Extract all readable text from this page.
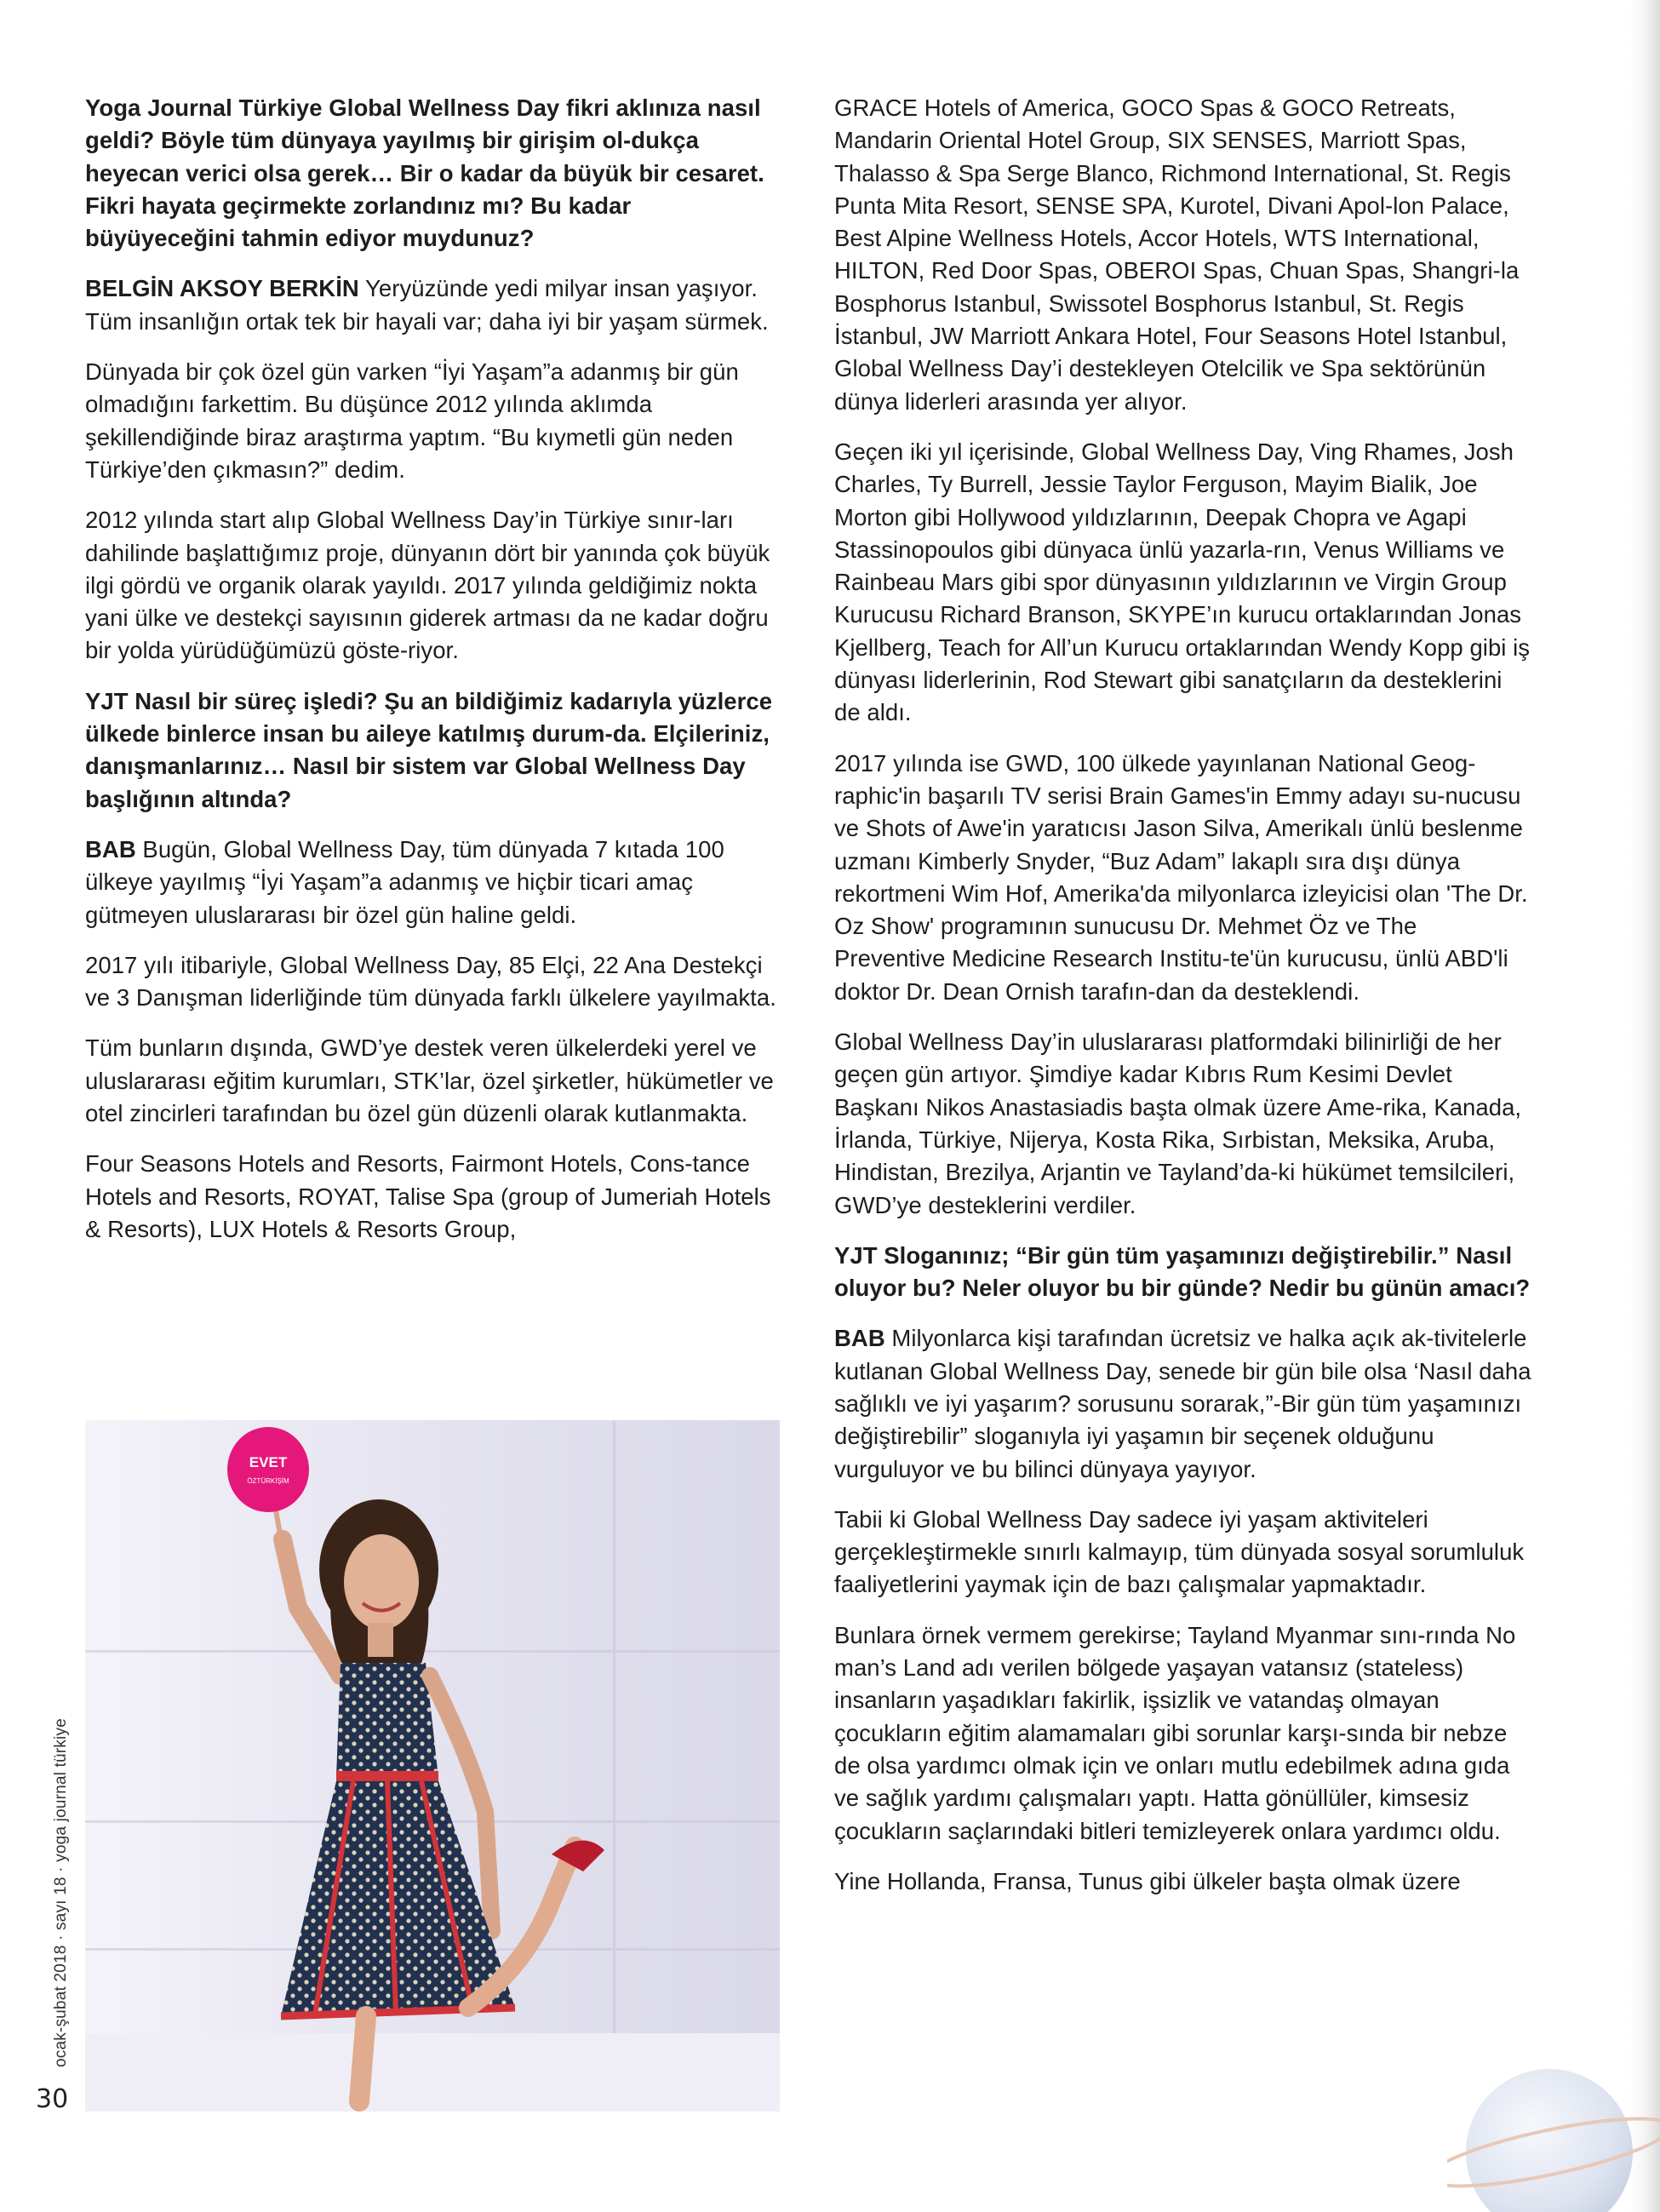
Yoga Journal Türkiye Global Wellness Day fikri aklınıza nasıl geldi? Böyle tüm dünyaya yayılmış bir girişim ol-dukça heyecan verici olsa gerek… Bir o kadar da büyük bir cesaret. Fikri hayata geçirmekte zorlandınız mı? Bu kadar büyüyeceğini tahmin ediyor muydunuz?

BELGİN AKSOY BERKİN Yeryüzünde yedi milyar insan yaşıyor. Tüm insanlığın ortak tek bir hayali var; daha iyi bir yaşam sürmek.

Dünyada bir çok özel gün varken “İyi Yaşam”a adanmış bir gün olmadığını farkettim. Bu düşünce 2012 yılında aklımda şekillendiğinde biraz araştırma yaptım. “Bu kıymetli gün neden Türkiye’den çıkmasın?” dedim.

2012 yılında start alıp Global Wellness Day’in Türkiye sınır-ları dahilinde başlattığımız proje, dünyanın dört bir yanında çok büyük ilgi gördü ve organik olarak yayıldı. 2017 yılında geldiğimiz nokta yani ülke ve destekçi sayısının giderek artması da ne kadar doğru bir yolda yürüdüğümüzü göste-riyor.

YJT Nasıl bir süreç işledi? Şu an bildiğimiz kadarıyla yüzlerce ülkede binlerce insan bu aileye katılmış durum-da. Elçileriniz, danışmanlarınız… Nasıl bir sistem var Global Wellness Day başlığının altında?

BAB Bugün, Global Wellness Day, tüm dünyada 7 kıtada 100 ülkeye yayılmış “İyi Yaşam”a adanmış ve hiçbir ticari amaç gütmeyen uluslararası bir özel gün haline geldi.

2017 yılı itibariyle, Global Wellness Day, 85 Elçi, 22 Ana Destekçi ve 3 Danışman liderliğinde tüm dünyada farklı ülkelere yayılmakta.

Tüm bunların dışında, GWD’ye destek veren ülkelerdeki yerel ve uluslararası eğitim kurumları, STK’lar, özel şirketler, hükümetler ve otel zincirleri tarafından bu özel gün düzenli olarak kutlanmakta.

Four Seasons Hotels and Resorts, Fairmont Hotels, Cons-tance Hotels and Resorts, ROYAT, Talise Spa (group of Jumeriah Hotels & Resorts), LUX Hotels & Resorts Group,

GRACE Hotels of America, GOCO Spas & GOCO Retreats, Mandarin Oriental Hotel Group, SIX SENSES, Marriott Spas, Thalasso & Spa Serge Blanco, Richmond International, St. Regis Punta Mita Resort, SENSE SPA, Kurotel, Divani Apol-lon Palace, Best Alpine Wellness Hotels, Accor Hotels, WTS International, HILTON, Red Door Spas, OBEROI Spas, Chuan Spas, Shangri-la Bosphorus Istanbul, Swissotel Bosphorus Istanbul, St. Regis İstanbul, JW Marriott Ankara Hotel, Four Seasons Hotel Istanbul, Global Wellness Day’i destekleyen Otelcilik ve Spa sektörünün dünya liderleri arasında yer alıyor.

Geçen iki yıl içerisinde, Global Wellness Day, Ving Rhames, Josh Charles, Ty Burrell, Jessie Taylor Ferguson, Mayim Bialik, Joe Morton gibi Hollywood yıldızlarının, Deepak Chopra ve Agapi Stassinopoulos gibi dünyaca ünlü yazarla-rın, Venus Williams ve Rainbeau Mars gibi spor dünyasının yıldızlarının ve Virgin Group Kurucusu Richard Branson, SKYPE’ın kurucu ortaklarından Jonas Kjellberg, Teach for All’un Kurucu ortaklarından Wendy Kopp gibi iş dünyası liderlerinin, Rod Stewart gibi sanatçıların da desteklerini de aldı.

2017 yılında ise GWD, 100 ülkede yayınlanan National Geog-raphic'in başarılı TV serisi Brain Games'in Emmy adayı su-nucusu ve Shots of Awe'in yaratıcısı Jason Silva, Amerikalı ünlü beslenme uzmanı Kimberly Snyder, “Buz Adam” lakaplı sıra dışı dünya rekortmeni Wim Hof, Amerika'da milyonlarca izleyicisi olan 'The Dr. Oz Show' programının sunucusu Dr. Mehmet Öz ve The Preventive Medicine Research Institu-te'ün kurucusu, ünlü ABD'li doktor Dr. Dean Ornish tarafın-dan da desteklendi.

Global Wellness Day’in uluslararası platformdaki bilinirliği de her geçen gün artıyor. Şimdiye kadar Kıbrıs Rum Kesimi Devlet Başkanı Nikos Anastasiadis başta olmak üzere Ame-rika, Kanada, İrlanda, Türkiye, Nijerya, Kosta Rika, Sırbistan, Meksika, Aruba, Hindistan, Brezilya, Arjantin ve Tayland’da-ki hükümet temsilcileri, GWD’ye desteklerini verdiler.

YJT Sloganınız; “Bir gün tüm yaşamınızı değiştirebilir.” Nasıl oluyor bu? Neler oluyor bu bir günde? Nedir bu günün amacı?

BAB Milyonlarca kişi tarafından ücretsiz ve halka açık ak-tivitelerle kutlanan Global Wellness Day, senede bir gün bile olsa ‘Nasıl daha sağlıklı ve iyi yaşarım? sorusunu sorarak,”-Bir gün tüm yaşamınızı değiştirebilir” sloganıyla iyi yaşamın bir seçenek olduğunu vurguluyor ve bu bilinci dünyaya yayıyor.

Tabii ki Global Wellness Day sadece iyi yaşam aktiviteleri gerçekleştirmekle sınırlı kalmayıp, tüm dünyada sosyal sorumluluk faaliyetlerini yaymak için de bazı çalışmalar yapmaktadır.

Bunlara örnek vermem gerekirse; Tayland Myanmar sını-rında No man’s Land adı verilen bölgede yaşayan vatansız (stateless) insanların yaşadıkları fakirlik, işsizlik ve vatandaş olmayan çocukların eğitim alamamaları gibi sorunlar karşı-sında bir nebze de olsa yardımcı olmak için ve onları mutlu edebilmek adına gıda ve sağlık yardımı çalışmaları yaptı. Hatta gönüllüler, kimsesiz çocukların saçlarındaki bitleri temizleyerek onlara yardımcı oldu.

Yine Hollanda, Fransa, Tunus gibi ülkeler başta olmak üzere

EVET
ÖZTÜRKİŞİM
ocak-şubat 2018 · sayı 18 · yoga journal türkiye
30
